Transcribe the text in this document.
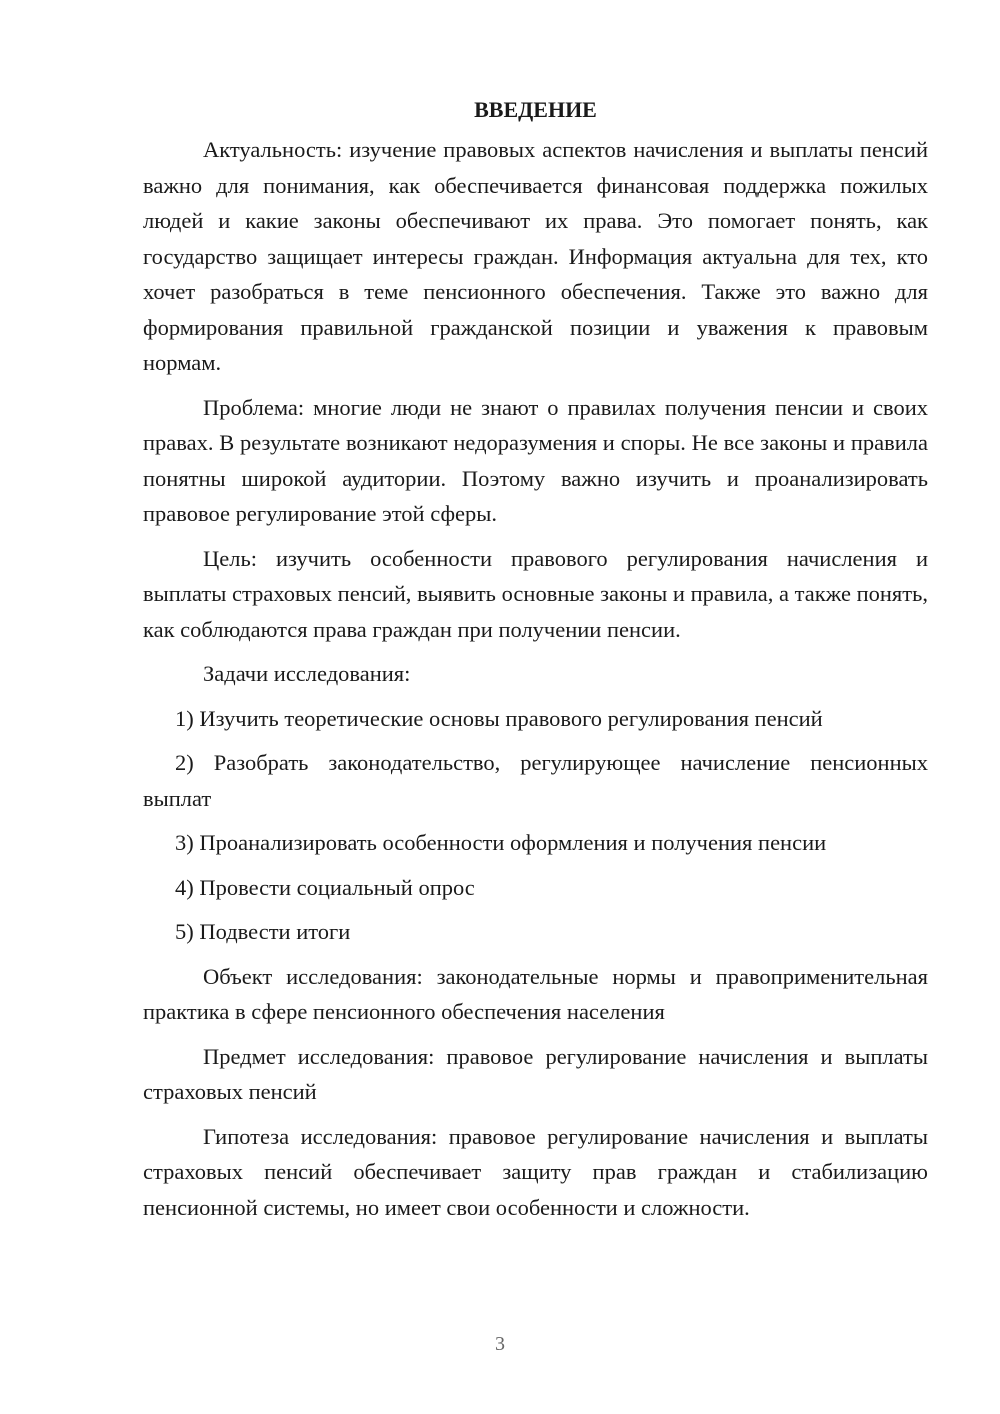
ВВЕДЕНИЕ

Актуальность: изучение правовых аспектов начисления и выплаты пенсий важно для понимания, как обеспечивается финансовая поддержка пожилых людей и какие законы обеспечивают их права. Это помогает понять, как государство защищает интересы граждан. Информация актуальна для тех, кто хочет разобраться в теме пенсионного обеспечения. Также это важно для формирования правильной гражданской позиции и уважения к правовым нормам.

Проблема: многие люди не знают о правилах получения пенсии и своих правах. В результате возникают недоразумения и споры. Не все законы и правила понятны широкой аудитории. Поэтому важно изучить и проанализировать правовое регулирование этой сферы.

Цель: изучить особенности правового регулирования начисления и выплаты страховых пенсий, выявить основные законы и правила, а также понять, как соблюдаются права граждан при получении пенсии.

Задачи исследования:

1) Изучить теоретические основы правового регулирования пенсий

2) Разобрать законодательство, регулирующее начисление пенсионных выплат

3) Проанализировать особенности оформления и получения пенсии

4) Провести социальный опрос

5) Подвести итоги

Объект исследования: законодательные нормы и правоприменительная практика в сфере пенсионного обеспечения населения

Предмет исследования: правовое регулирование начисления и выплаты страховых пенсий

Гипотеза исследования: правовое регулирование начисления и выплаты страховых пенсий обеспечивает защиту прав граждан и стабилизацию пенсионной системы, но имеет свои особенности и сложности.

3
